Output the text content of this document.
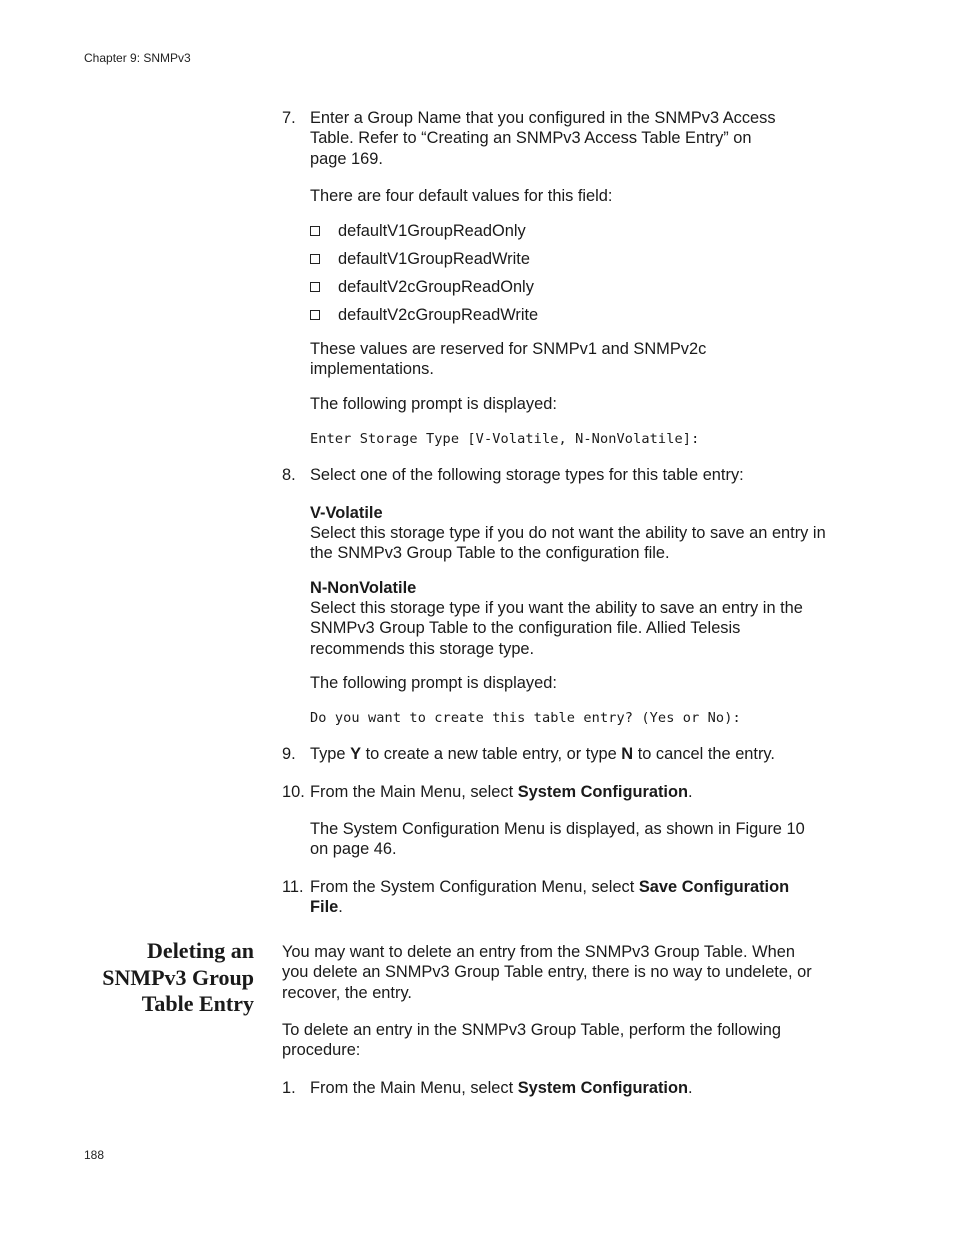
Chapter 9: SNMPv3
7. Enter a Group Name that you configured in the SNMPv3 Access
Table. Refer to “Creating an SNMPv3 Access Table Entry” on
page 169.
There are four default values for this field:
defaultV1GroupReadOnly
defaultV1GroupReadWrite
defaultV2cGroupReadOnly
defaultV2cGroupReadWrite
These values are reserved for SNMPv1 and SNMPv2c
implementations.
The following prompt is displayed:
Enter Storage Type [V-Volatile, N-NonVolatile]:
8. Select one of the following storage types for this table entry:
V-Volatile
Select this storage type if you do not want the ability to save an entry in
the SNMPv3 Group Table to the configuration file.
N-NonVolatile
Select this storage type if you want the ability to save an entry in the
SNMPv3 Group Table to the configuration file. Allied Telesis
recommends this storage type.
The following prompt is displayed:
Do you want to create this table entry? (Yes or No):
9. Type Y to create a new table entry, or type N to cancel the entry.
10. From the Main Menu, select System Configuration.
The System Configuration Menu is displayed, as shown in Figure 10
on page 46.
11. From the System Configuration Menu, select Save Configuration
File.
Deleting an
SNMPv3 Group
Table Entry
You may want to delete an entry from the SNMPv3 Group Table. When
you delete an SNMPv3 Group Table entry, there is no way to undelete, or
recover, the entry.
To delete an entry in the SNMPv3 Group Table, perform the following
procedure:
1. From the Main Menu, select System Configuration.
188
